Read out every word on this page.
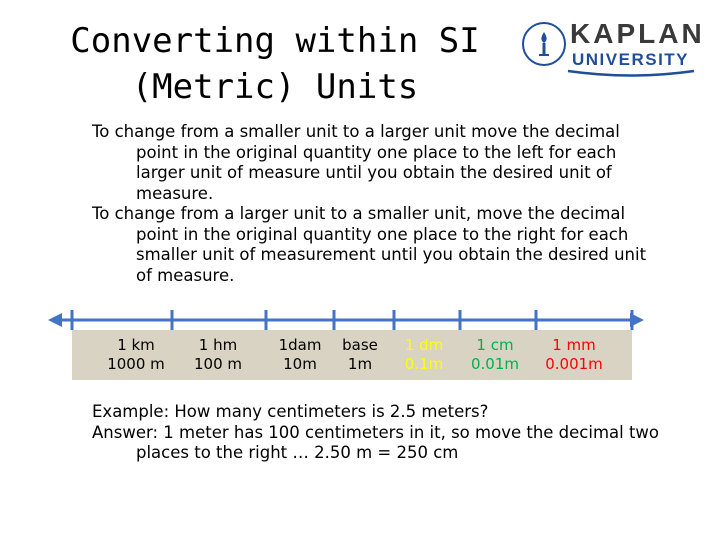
Converting within SI
(Metric) Units
KAPLAN
UNIVERSITY

To change from a smaller unit to a larger unit move the decimal point in the original quantity one place to the left for each larger unit of measure until you obtain the desired unit of measure.

To change from a larger unit to a smaller unit, move the decimal point in the original quantity one place to the right for each smaller unit of measurement until you obtain the desired unit of measure.

1 km
1000 m
1 hm
100 m
1dam
10m
base
1m
1 dm
0.1m
1 cm
0.01m
1 mm
0.001m

Example: How many centimeters is 2.5 meters?

Answer: 1 meter has 100 centimeters in it, so move the decimal two places to the right … 2.50 m = 250 cm
